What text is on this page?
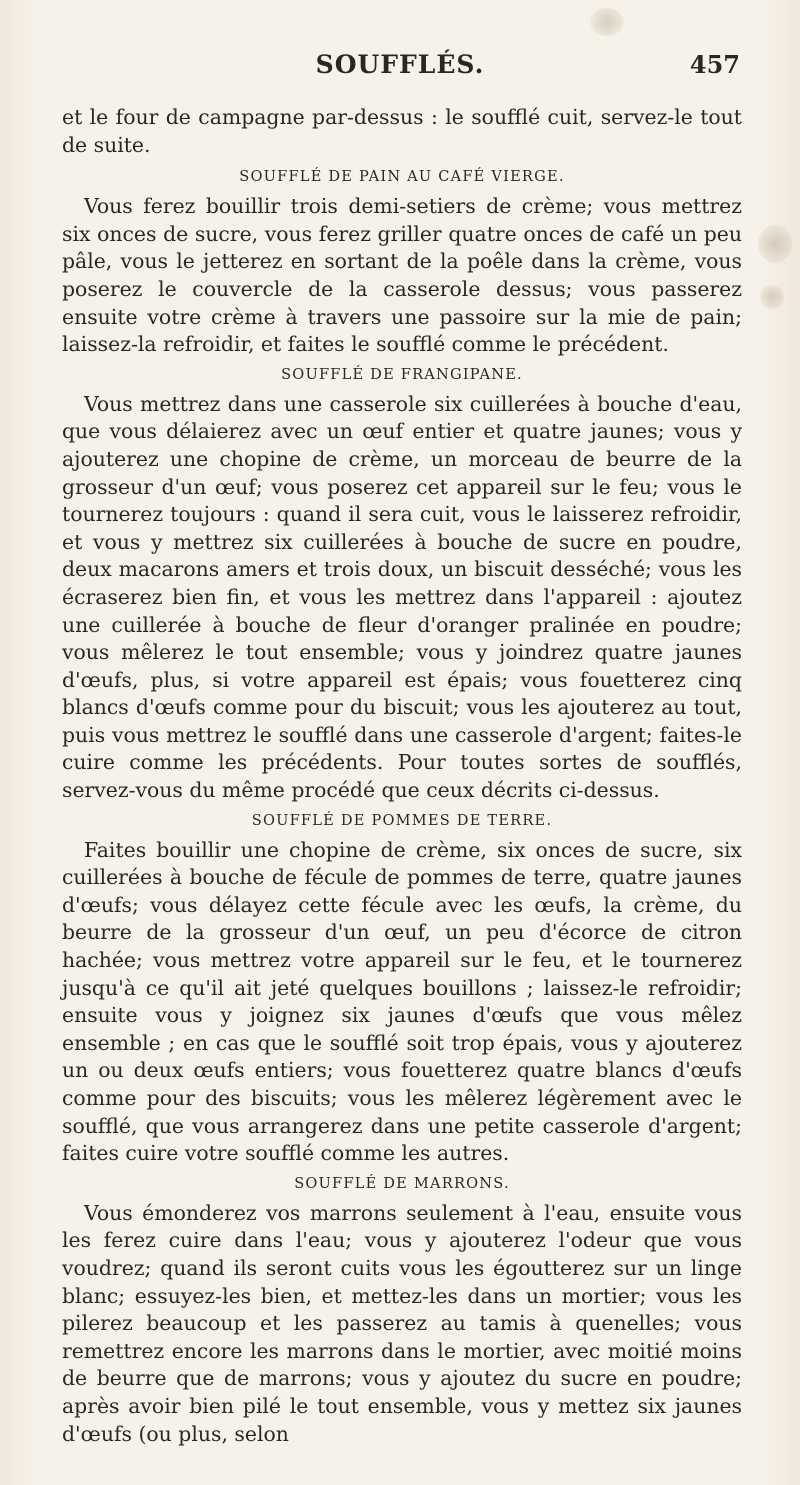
SOUFFLÉS.	457

et le four de campagne par-dessus : le soufflé cuit, servez-le tout de suite.

SOUFFLÉ DE PAIN AU CAFÉ VIERGE.

Vous ferez bouillir trois demi-setiers de crème; vous mettrez six onces de sucre, vous ferez griller quatre onces de café un peu pâle, vous le jetterez en sortant de la poêle dans la crème, vous poserez le couvercle de la casserole dessus; vous passerez ensuite votre crème à travers une passoire sur la mie de pain; laissez-la refroidir, et faites le soufflé comme le précédent.

SOUFFLÉ DE FRANGIPANE.

Vous mettrez dans une casserole six cuillerées à bouche d'eau, que vous délaierez avec un œuf entier et quatre jaunes; vous y ajouterez une chopine de crème, un morceau de beurre de la grosseur d'un œuf; vous poserez cet appareil sur le feu; vous le tournerez toujours : quand il sera cuit, vous le laisserez refroidir, et vous y mettrez six cuillerées à bouche de sucre en poudre, deux macarons amers et trois doux, un biscuit desséché; vous les écraserez bien fin, et vous les mettrez dans l'appareil : ajoutez une cuillerée à bouche de fleur d'oranger pralinée en poudre; vous mêlerez le tout ensemble; vous y joindrez quatre jaunes d'œufs, plus, si votre appareil est épais; vous fouetterez cinq blancs d'œufs comme pour du biscuit; vous les ajouterez au tout, puis vous mettrez le soufflé dans une casserole d'argent; faites-le cuire comme les précédents. Pour toutes sortes de soufflés, servez-vous du même procédé que ceux décrits ci-dessus.

SOUFFLÉ DE POMMES DE TERRE.

Faites bouillir une chopine de crème, six onces de sucre, six cuillerées à bouche de fécule de pommes de terre, quatre jaunes d'œufs; vous délayez cette fécule avec les œufs, la crème, du beurre de la grosseur d'un œuf, un peu d'écorce de citron hachée; vous mettrez votre appareil sur le feu, et le tournerez jusqu'à ce qu'il ait jeté quelques bouillons ; laissez-le refroidir; ensuite vous y joignez six jaunes d'œufs que vous mêlez ensemble ; en cas que le soufflé soit trop épais, vous y ajouterez un ou deux œufs entiers; vous fouetterez quatre blancs d'œufs comme pour des biscuits; vous les mêlerez légèrement avec le soufflé, que vous arrangerez dans une petite casserole d'argent; faites cuire votre soufflé comme les autres.

SOUFFLÉ DE MARRONS.

Vous émonderez vos marrons seulement à l'eau, ensuite vous les ferez cuire dans l'eau; vous y ajouterez l'odeur que vous voudrez; quand ils seront cuits vous les égoutterez sur un linge blanc; essuyez-les bien, et mettez-les dans un mortier; vous les pilerez beaucoup et les passerez au tamis à quenelles; vous remettrez encore les marrons dans le mortier, avec moitié moins de beurre que de marrons; vous y ajoutez du sucre en poudre; après avoir bien pilé le tout ensemble, vous y mettez six jaunes d'œufs (ou plus, selon
